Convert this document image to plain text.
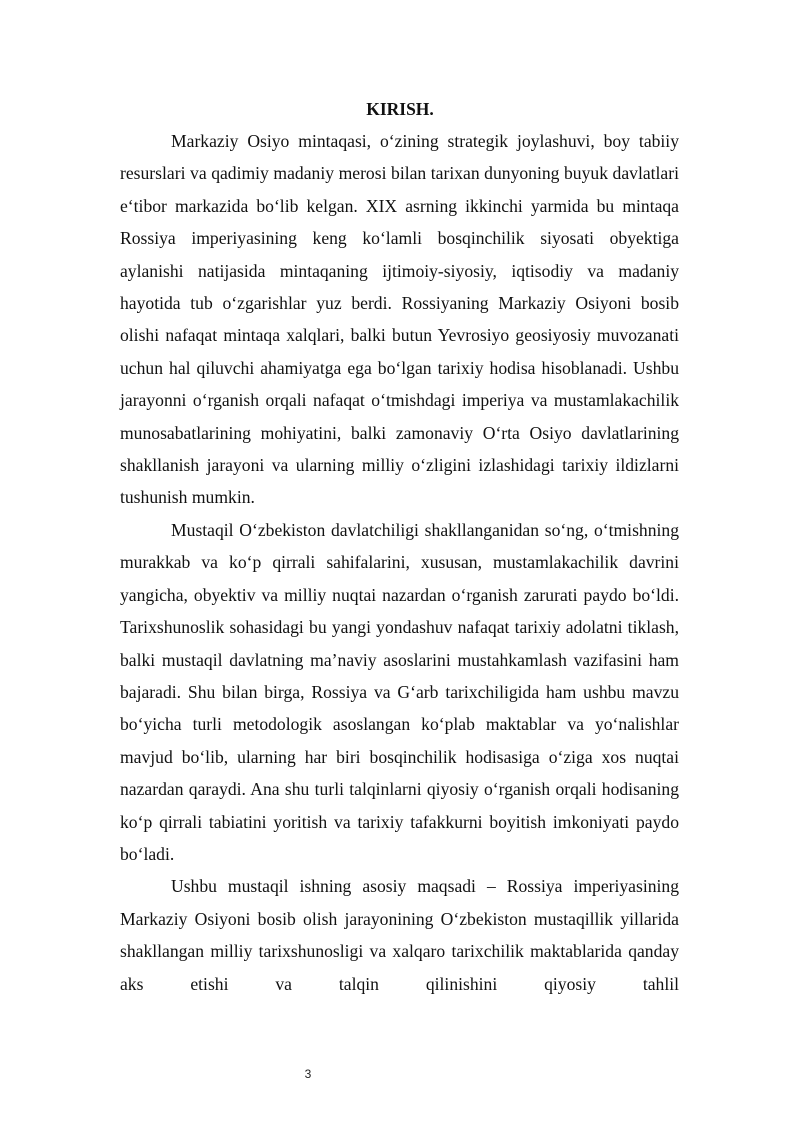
KIRISH.

Markaziy Osiyo mintaqasi, o‘zining strategik joylashuvi, boy tabiiy resurslari va qadimiy madaniy merosi bilan tarixan dunyoning buyuk davlatlari e‘tibor markazida bo‘lib kelgan. XIX asrning ikkinchi yarmida bu mintaqa Rossiya imperiyasining keng ko‘lamli bosqinchilik siyosati obyektiga aylanishi natijasida mintaqaning ijtimoiy-siyosiy, iqtisodiy va madaniy hayotida tub o‘zgarishlar yuz berdi. Rossiyaning Markaziy Osiyoni bosib olishi nafaqat mintaqa xalqlari, balki butun Yevrosiyo geosiyosiy muvozanati uchun hal qiluvchi ahamiyatga ega bo‘lgan tarixiy hodisa hisoblanadi. Ushbu jarayonni o‘rganish orqali nafaqat o‘tmishdagi imperiya va mustamlakachilik munosabatlarining mohiyatini, balki zamonaviy O‘rta Osiyo davlatlarining shakllanish jarayoni va ularning milliy o‘zligini izlashidagi tarixiy ildizlarni tushunish mumkin.

Mustaqil O‘zbekiston davlatchiligi shakllanganidan so‘ng, o‘tmishning murakkab va ko‘p qirrali sahifalarini, xususan, mustamlakachilik davrini yangicha, obyektiv va milliy nuqtai nazardan o‘rganish zarurati paydo bo‘ldi. Tarixshunoslik sohasidagi bu yangi yondashuv nafaqat tarixiy adolatni tiklash, balki mustaqil davlatning ma’naviy asoslarini mustahkamlash vazifasini ham bajaradi. Shu bilan birga, Rossiya va G‘arb tarixchiligida ham ushbu mavzu bo‘yicha turli metodologik asoslangan ko‘plab maktablar va yo‘nalishlar mavjud bo‘lib, ularning har biri bosqinchilik hodisasiga o‘ziga xos nuqtai nazardan qaraydi. Ana shu turli talqinlarni qiyosiy o‘rganish orqali hodisaning ko‘p qirrali tabiatini yoritish va tarixiy tafakkurni boyitish imkoniyati paydo bo‘ladi.

Ushbu mustaqil ishning asosiy maqsadi – Rossiya imperiyasining Markaziy Osiyoni bosib olish jarayonining O‘zbekiston mustaqillik yillarida shakllangan milliy tarixshunosligi va xalqaro tarixchilik maktablarida qanday aks etishi va talqin qilinishini qiyosiy tahlil

3
